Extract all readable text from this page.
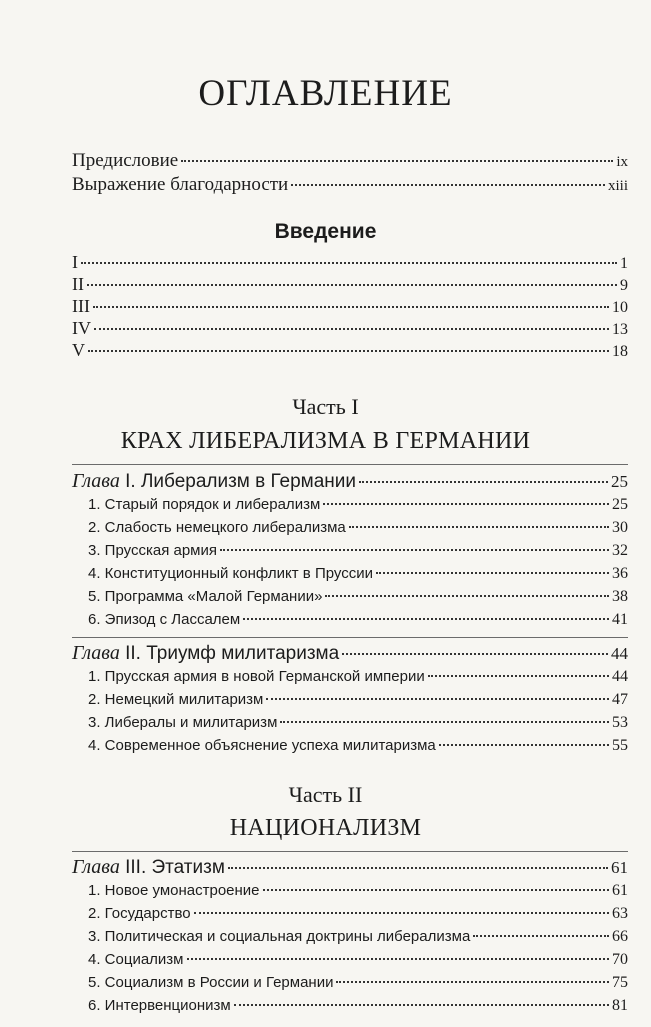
ОГЛАВЛЕНИЕ
Предисловие	ix
Выражение благодарности	xiii
Введение
I	1
II	9
III	10
IV	13
V	18
Часть I
КРАХ ЛИБЕРАЛИЗМА В ГЕРМАНИИ
Глава I. Либерализм в Германии	25
1. Старый порядок и либерализм	25
2. Слабость немецкого либерализма	30
3. Прусская армия	32
4. Конституционный конфликт в Пруссии	36
5. Программа «Малой Германии»	38
6. Эпизод с Лассалем	41
Глава II. Триумф милитаризма	44
1. Прусская армия в новой Германской империи	44
2. Немецкий милитаризм	47
3. Либералы и милитаризм	53
4. Современное объяснение успеха милитаризма	55
Часть II
НАЦИОНАЛИЗМ
Глава III. Этатизм	61
1. Новое умонастроение	61
2. Государство	63
3. Политическая и социальная доктрины либерализма	66
4. Социализм	70
5. Социализм в России и Германии	75
6. Интервенционизм	81
